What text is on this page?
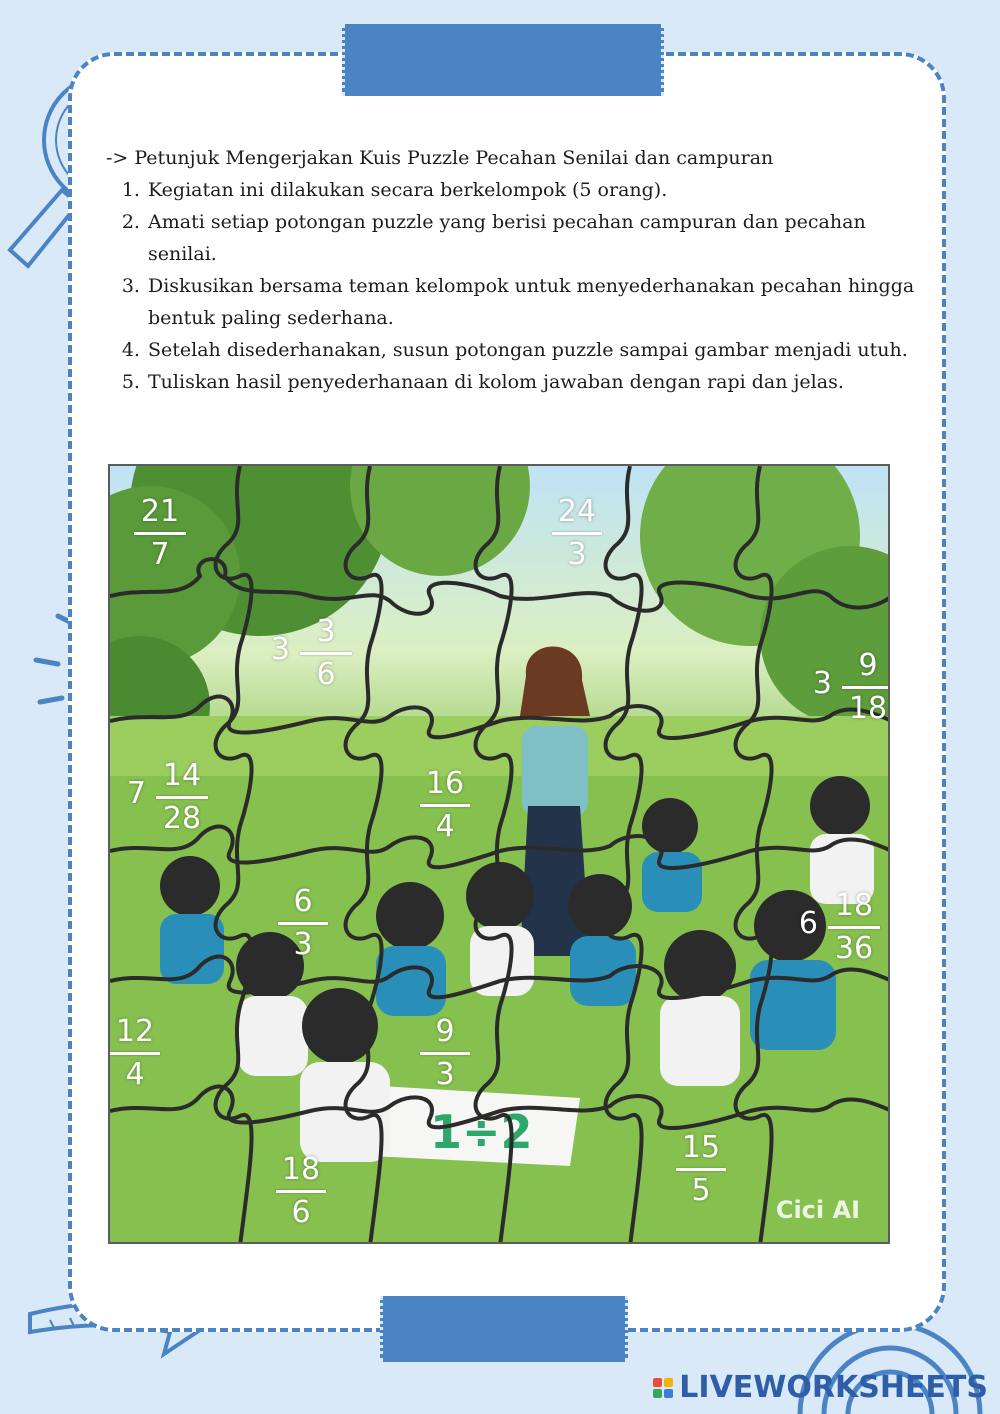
-> Petunjuk Mengerjakan Kuis Puzzle Pecahan Senilai dan campuran
1. Kegiatan ini dilakukan secara berkelompok (5 orang).
2. Amati setiap potongan puzzle yang berisi pecahan campuran dan pecahan senilai.
3. Diskusikan bersama teman kelompok untuk menyederhanakan pecahan hingga bentuk paling sederhana.
4. Setelah disederhanakan, susun potongan puzzle sampai gambar menjadi utuh.
5. Tuliskan hasil penyederhanaan di kolom jawaban dengan rapi dan jelas.
1÷2
21
7
24
3
3
3
6	3
9
18
7
14
28
16
4
6
3
6
18
36
12
4
9
3
18
6
15
5
Cici AI
LIVEWORKSHEETS
